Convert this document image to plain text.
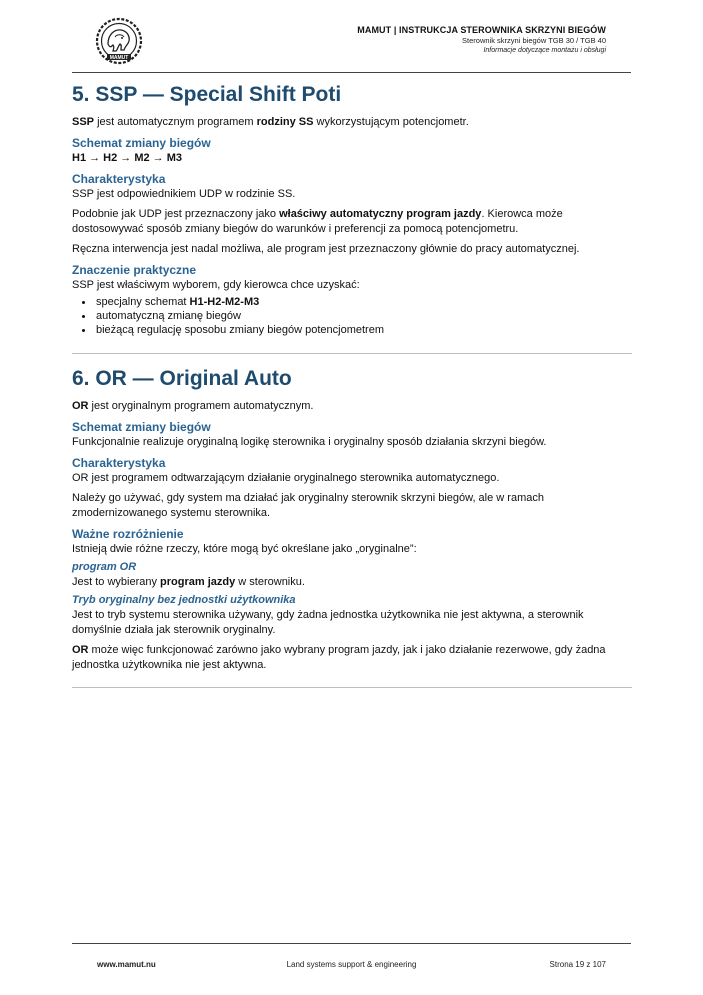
MAMUT
MAMUT | INSTRUKCJA STEROWNIKA SKRZYNI BIEGÓW
Sterownik skrzyni biegów TGB 30 / TGB 40
Informacje dotyczące montażu i obsługi
5. SSP — Special Shift Poti

SSP jest automatycznym programem rodziny SS wykorzystującym potencjometr.

Schemat zmiany biegów

H1 → H2 → M2 → M3

Charakterystyka

SSP jest odpowiednikiem UDP w rodzinie SS.

Podobnie jak UDP jest przeznaczony jako właściwy automatyczny program jazdy. Kierowca może dostosowywać sposób zmiany biegów do warunków i preferencji za pomocą potencjometru.

Ręczna interwencja jest nadal możliwa, ale program jest przeznaczony głównie do pracy automatycznej.

Znaczenie praktyczne

SSP jest właściwym wyborem, gdy kierowca chce uzyskać:

• specjalny schemat H1-H2-M2-M3
• automatyczną zmianę biegów
• bieżącą regulację sposobu zmiany biegów potencjometrem
6. OR — Original Auto

OR jest oryginalnym programem automatycznym.

Schemat zmiany biegów

Funkcjonalnie realizuje oryginalną logikę sterownika i oryginalny sposób działania skrzyni biegów.

Charakterystyka

OR jest programem odtwarzającym działanie oryginalnego sterownika automatycznego.

Należy go używać, gdy system ma działać jak oryginalny sterownik skrzyni biegów, ale w ramach zmodernizowanego systemu sterownika.

Ważne rozróżnienie

Istnieją dwie różne rzeczy, które mogą być określane jako „oryginalne”:

program OR

Jest to wybierany program jazdy w sterowniku.

Tryb oryginalny bez jednostki użytkownika

Jest to tryb systemu sterownika używany, gdy żadna jednostka użytkownika nie jest aktywna, a sterownik domyślnie działa jak sterownik oryginalny.

OR może więc funkcjonować zarówno jako wybrany program jazdy, jak i jako działanie rezerwowe, gdy żadna jednostka użytkownika nie jest aktywna.

www.mamut.nu	Land systems support & engineering	Strona 19 z 107
